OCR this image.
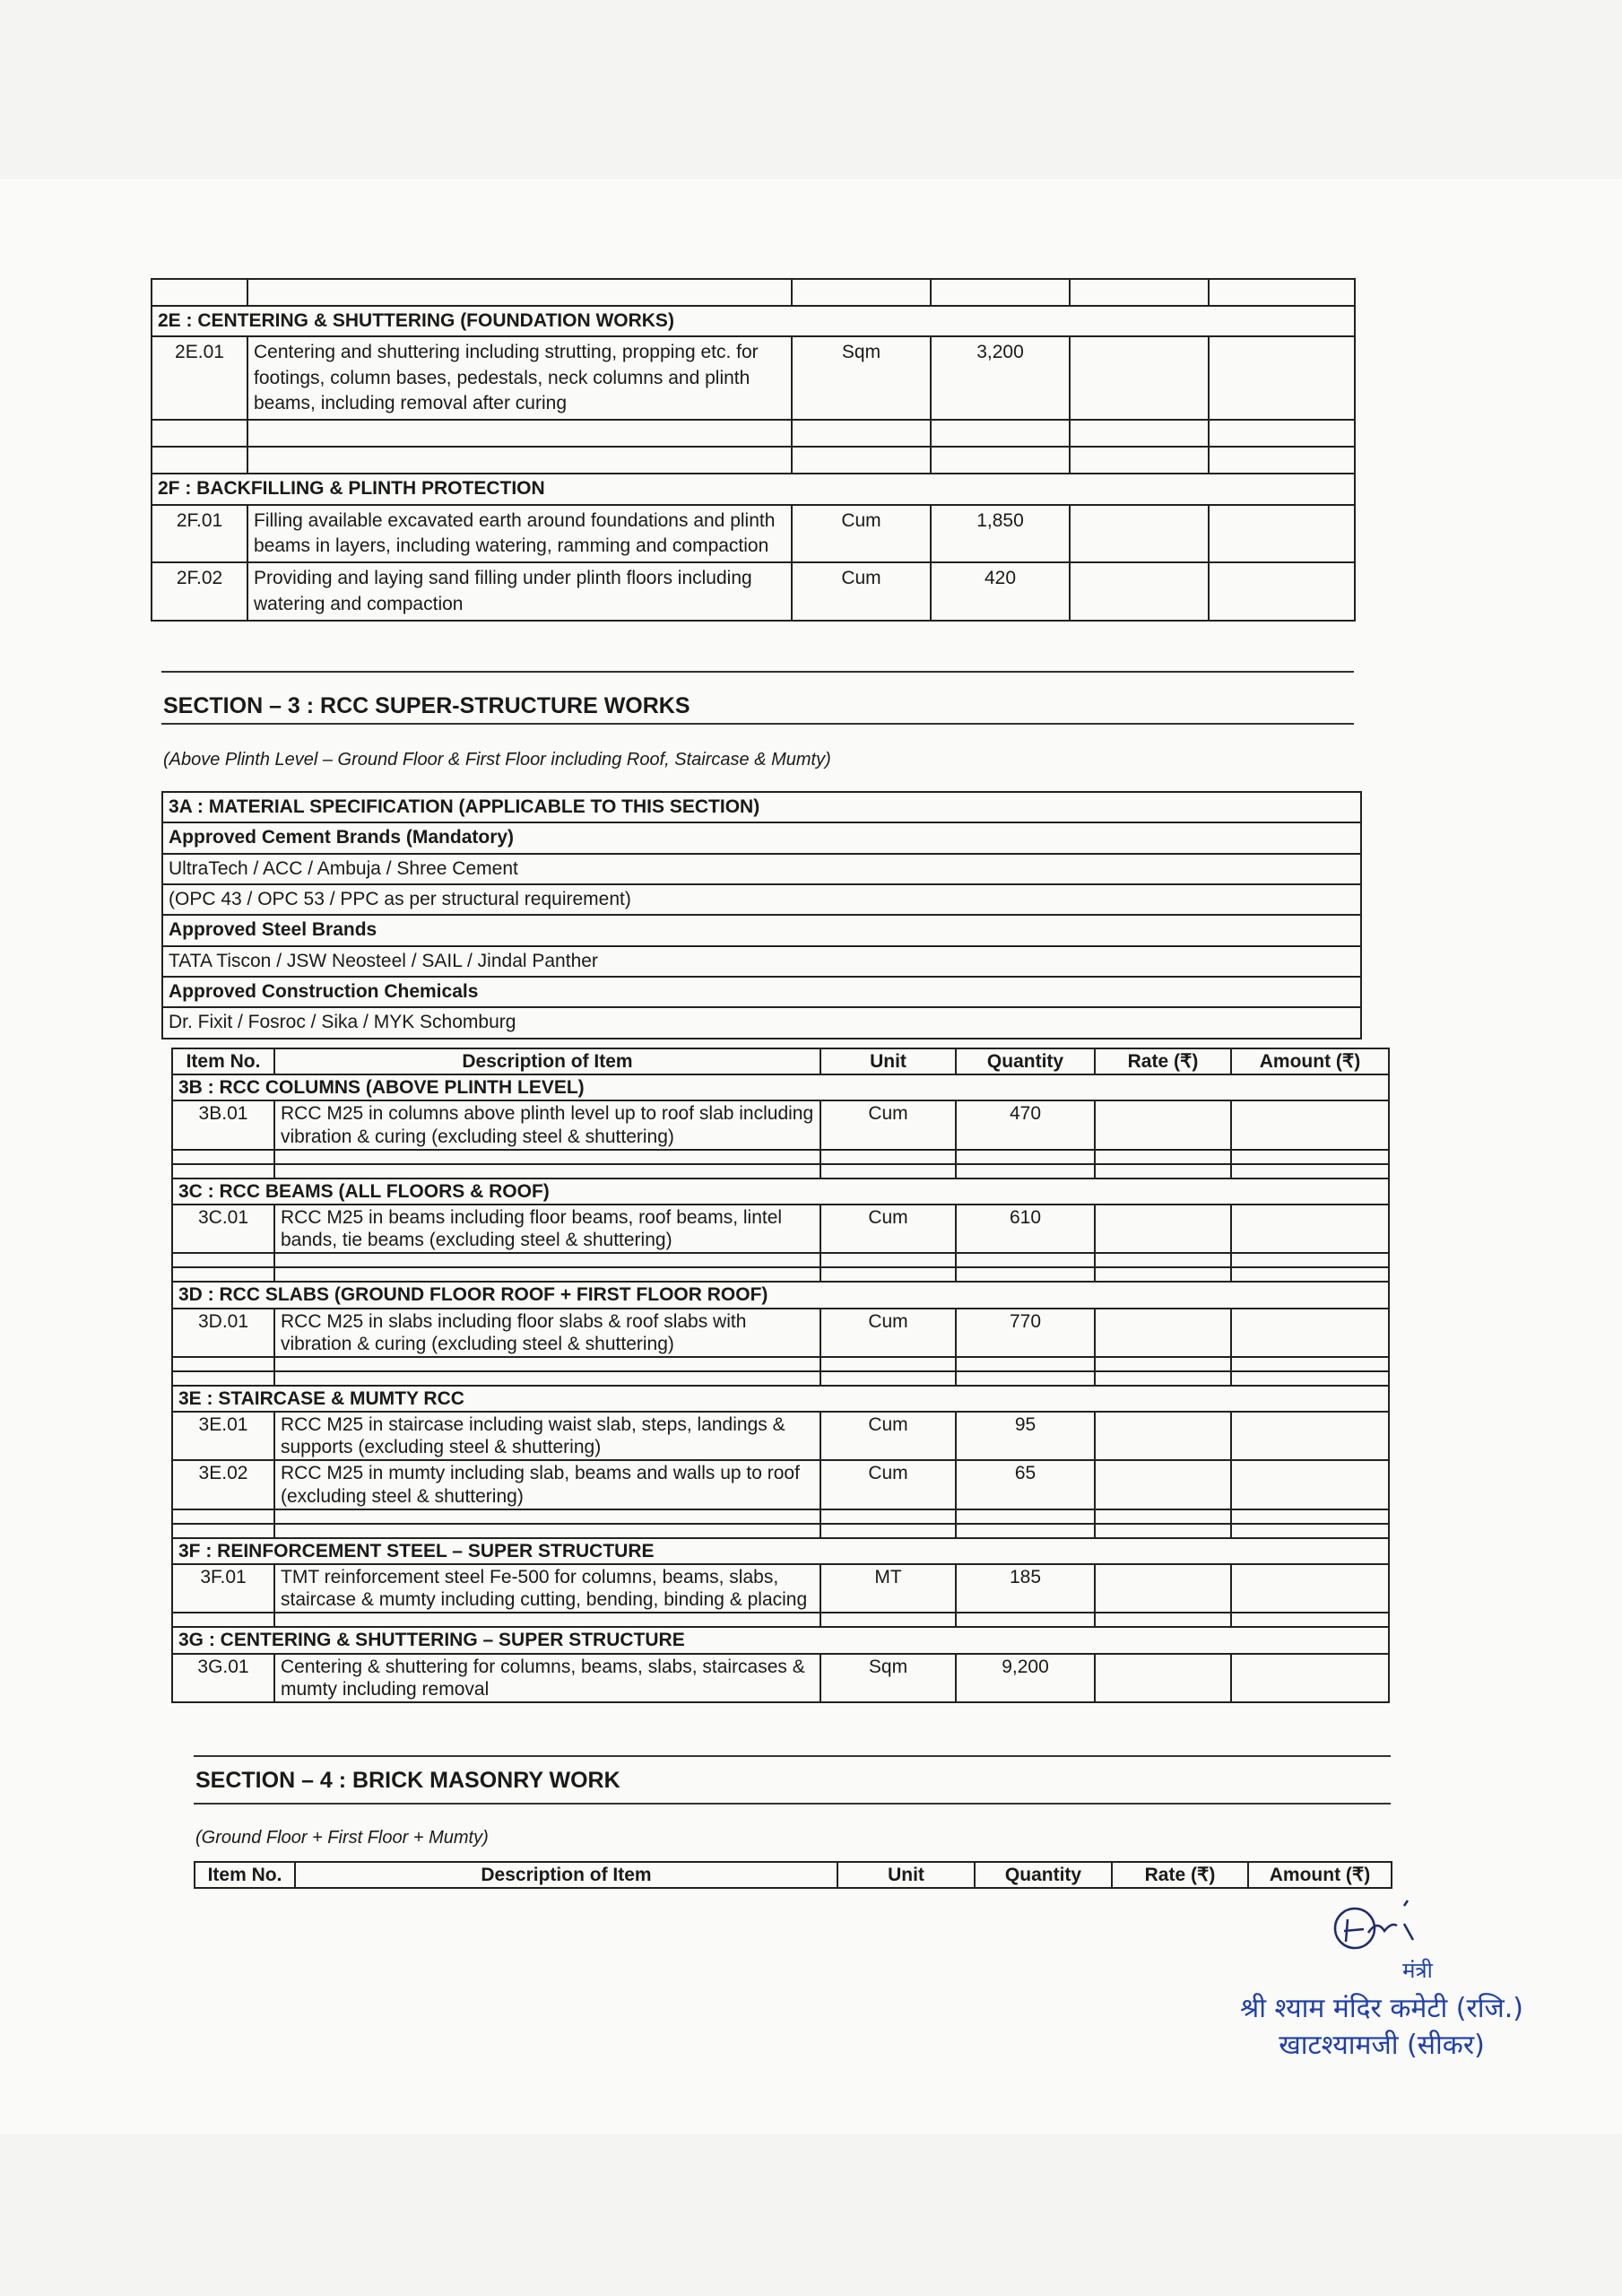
2E : CENTERING & SHUTTERING (FOUNDATION WORKS)					
2E.01	Centering and shuttering including strutting, propping etc. for footings, column bases, pedestals, neck columns and plinth beams, including removal after curing	Sqm	3,200		

2F : BACKFILLING & PLINTH PROTECTION					
2F.01	Filling available excavated earth around foundations and plinth beams in layers, including watering, ramming and compaction	Cum	1,850		
2F.02	Providing and laying sand filling under plinth floors including watering and compaction	Cum	420		
SECTION – 3 : RCC SUPER-STRUCTURE WORKS
(Above Plinth Level – Ground Floor & First Floor including Roof, Staircase & Mumty)
3A : MATERIAL SPECIFICATION (APPLICABLE TO THIS SECTION)
Approved Cement Brands (Mandatory)
UltraTech / ACC / Ambuja / Shree Cement
(OPC 43 / OPC 53 / PPC as per structural requirement)
Approved Steel Brands
TATA Tiscon / JSW Neosteel / SAIL / Jindal Panther
Approved Construction Chemicals
Dr. Fixit / Fosroc / Sika / MYK Schomburg
Item No.	Description of Item	Unit	Quantity	Rate (₹)	Amount (₹)
3B : RCC COLUMNS (ABOVE PLINTH LEVEL)					
3B.01	RCC M25 in columns above plinth level up to roof slab including vibration & curing (excluding steel & shuttering)	Cum	470		

3C : RCC BEAMS (ALL FLOORS & ROOF)					
3C.01	RCC M25 in beams including floor beams, roof beams, lintel bands, tie beams (excluding steel & shuttering)	Cum	610		

3D : RCC SLABS (GROUND FLOOR ROOF + FIRST FLOOR ROOF)					
3D.01	RCC M25 in slabs including floor slabs & roof slabs with vibration & curing (excluding steel & shuttering)	Cum	770		

3E : STAIRCASE & MUMTY RCC					
3E.01	RCC M25 in staircase including waist slab, steps, landings & supports (excluding steel & shuttering)	Cum	95		
3E.02	RCC M25 in mumty including slab, beams and walls up to roof (excluding steel & shuttering)	Cum	65		

3F : REINFORCEMENT STEEL – SUPER STRUCTURE					
3F.01	TMT reinforcement steel Fe-500 for columns, beams, slabs, staircase & mumty including cutting, bending, binding & placing	MT	185		

3G : CENTERING & SHUTTERING – SUPER STRUCTURE					
3G.01	Centering & shuttering for columns, beams, slabs, staircases & mumty including removal	Sqm	9,200		
SECTION – 4 : BRICK MASONRY WORK
(Ground Floor + First Floor + Mumty)
Item No.	Description of Item	Unit	Quantity	Rate (₹)	Amount (₹)
मंत्री
श्री श्याम मंदिर कमेटी (रजि.)
खाटश्यामजी (सीकर)
